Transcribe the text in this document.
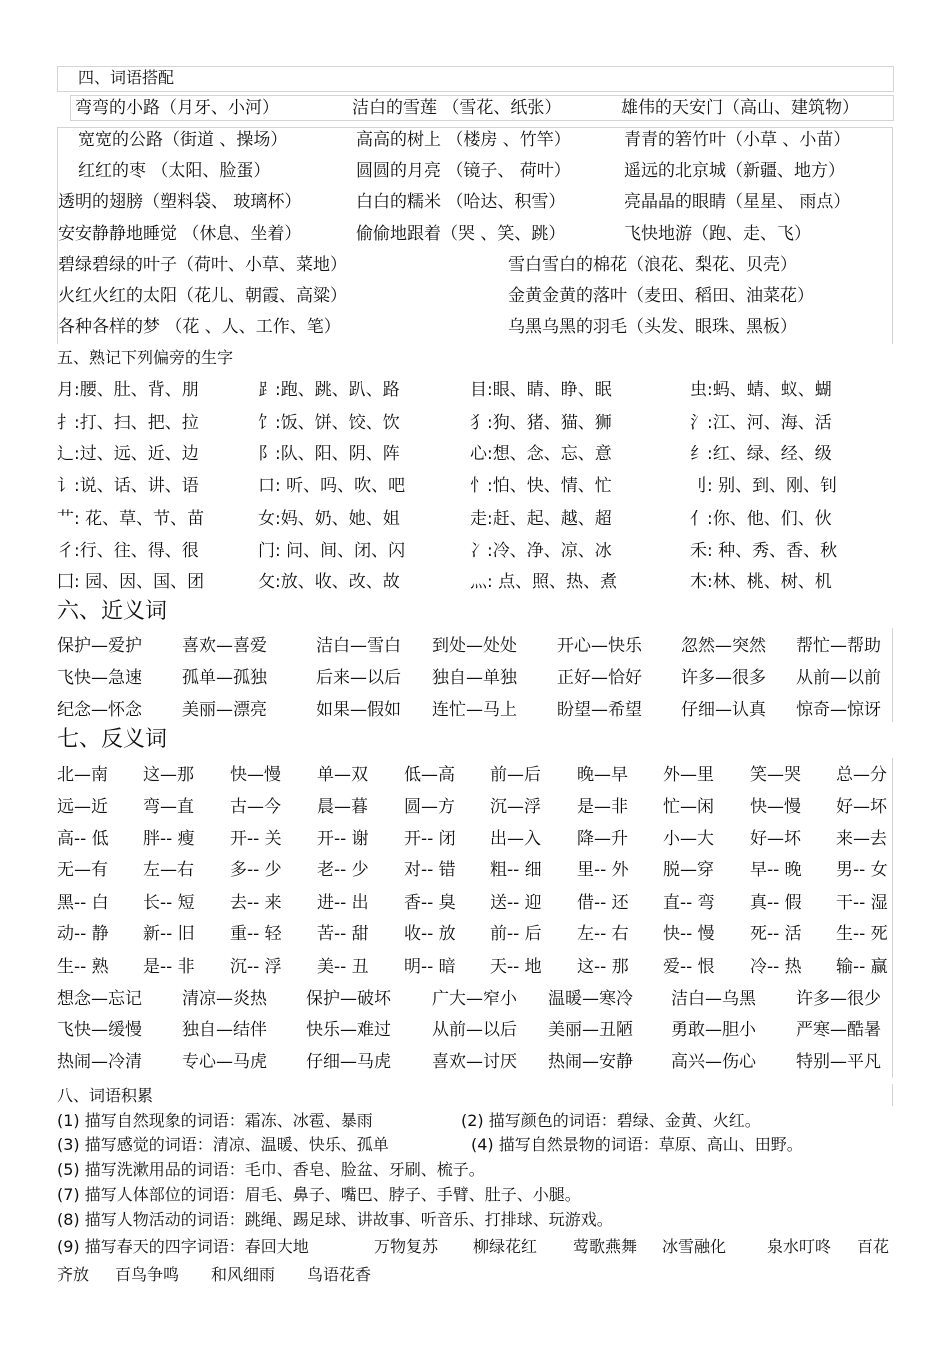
四、词语搭配
弯弯的小路（月牙、小河）	洁白的雪莲 （雪花、纸张）	雄伟的天安门（高山、建筑物）
宽宽的公路（街道 、操场）	高高的树上 （楼房 、竹竿）	青青的箬竹叶（小草 、小苗）
红红的枣 （太阳、脸蛋）	圆圆的月亮 （镜子、 荷叶）	遥远的北京城（新疆、地方）
透明的翅膀（塑料袋、 玻璃杯）	白白的糯米 （哈达、积雪）	亮晶晶的眼睛（星星、 雨点）
安安静静地睡觉 （休息、坐着）	偷偷地跟着（哭 、笑、跳）	飞快地游（跑、走、飞）
碧绿碧绿的叶子（荷叶、小草、菜地）	雪白雪白的棉花（浪花、梨花、贝壳）
火红火红的太阳（花儿、朝霞、高粱）	金黄金黄的落叶（麦田、稻田、油菜花）
各种各样的梦 （花 、人、工作、笔）	乌黑乌黑的羽毛（头发、眼珠、黑板）
五、熟记下列偏旁的生字
月:腰、肚、背、朋	⻊:跑、跳、趴、路	目:眼、睛、睁、眠	虫:蚂、蜻、蚁、蝴
扌:打、扫、把、拉	饣:饭、饼、饺、饮	犭:狗、猪、猫、狮	氵:江、河、海、活
辶:过、远、近、边	阝:队、阳、阴、阵	心:想、念、忘、意	纟:红、绿、经、级
讠:说、话、讲、语	口: 听、吗、吹、吧	忄:怕、快、情、忙	刂: 别、到、刚、钊
艹: 花、草、节、苗	女:妈、奶、她、姐	走:赶、起、越、超	亻:你、他、们、伙
彳:行、往、得、很	门: 问、间、闭、闪	冫:冷、净、凉、冰	禾: 种、秀、香、秋
囗: 园、因、国、团	攵:放、收、改、故	灬: 点、照、热、煮	木:林、桃、树、机
六、近义词
保护—爱护 喜欢—喜爱	洁白—雪白 到处—处处 开心—快乐 忽然—突然 帮忙—帮助
飞快—急速 孤单—孤独	后来—以后 独自—单独 正好—恰好 许多—很多 从前—以前
纪念—怀念 美丽—漂亮	如果—假如 连忙—马上 盼望—希望 仔细—认真 惊奇—惊讶
七、反义词
北—南 这—那 快—慢 单—双 低—高 前—后 晚—早 外—里 笑—哭 总—分
远—近 弯—直 古—今 晨—暮 圆—方 沉—浮 是—非 忙—闲 快—慢 好—坏
高-- 低 胖-- 瘦 开-- 关 开-- 谢 开-- 闭 出—入 降—升 小—大 好—坏 来—去
无—有 左—右 多-- 少 老-- 少 对-- 错 粗-- 细 里-- 外 脱—穿 早-- 晚 男-- 女
黑-- 白 长-- 短 去-- 来 进-- 出 香-- 臭 送-- 迎 借-- 还 直-- 弯 真-- 假 干-- 湿
动-- 静 新-- 旧 重-- 轻 苦-- 甜 收-- 放 前-- 后 左-- 右 快-- 慢 死-- 活 生-- 死
生-- 熟 是-- 非 沉-- 浮 美-- 丑 明-- 暗 天-- 地 这-- 那 爱-- 恨 冷-- 热 输-- 赢
想念—忘记 清凉—炎热 保护—破坏 广大—窄小 温暖—寒冷 洁白—乌黑 许多—很少
飞快—缓慢 独自—结伴 快乐—难过 从前—以后 美丽—丑陋 勇敢—胆小 严寒—酷暑
热闹—冷清 专心—马虎 仔细—马虎 喜欢—讨厌 热闹—安静 高兴—伤心 特别—平凡
八、词语积累
(1) 描写自然现象的词语：霜冻、冰雹、暴雨	(2) 描写颜色的词语：碧绿、金黄、火红。
(3) 描写感觉的词语：清凉、温暖、快乐、孤单	(4) 描写自然景物的词语：草原、高山、田野。
(5) 描写洗漱用品的词语：毛巾、香皂、脸盆、牙刷、梳子。
(7) 描写人体部位的词语：眉毛、鼻子、嘴巴、脖子、手臂、肚子、小腿。
(8) 描写人物活动的词语：跳绳、踢足球、讲故事、听音乐、打排球、玩游戏。
(9) 描写春天的四字词语：春回大地	万物复苏 柳绿花红 莺歌燕舞 冰雪融化	泉水叮咚 百花
齐放 百鸟争鸣 和风细雨 鸟语花香
